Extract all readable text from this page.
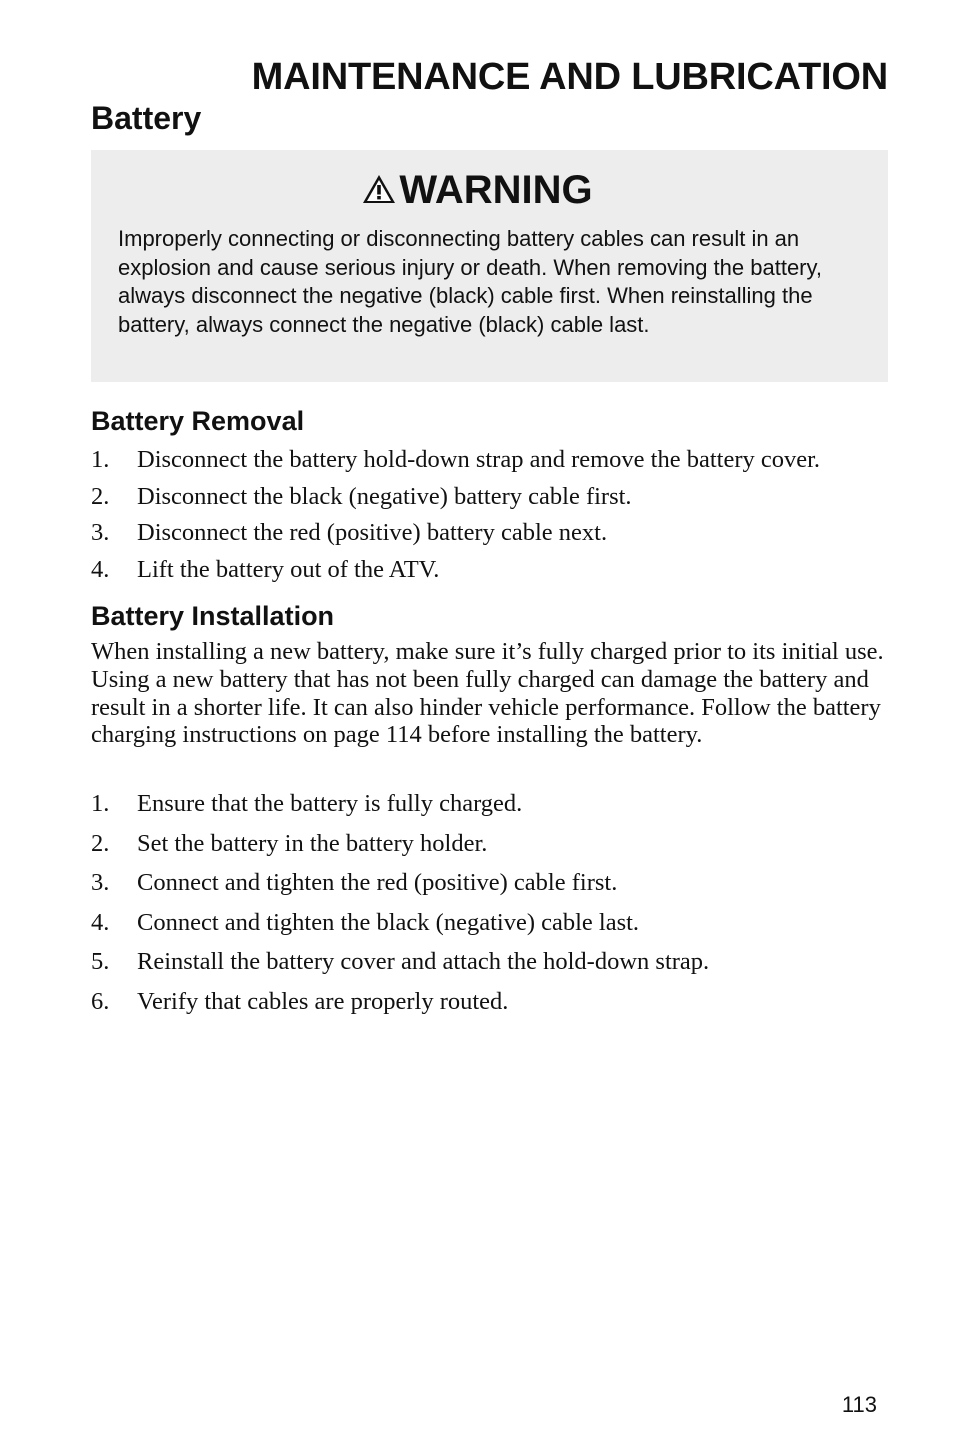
MAINTENANCE AND LUBRICATION
Battery
WARNING

Improperly connecting or disconnecting battery cables can result in an explosion and cause serious injury or death. When removing the battery, always disconnect the negative (black) cable first. When reinstalling the battery, always connect the negative (black) cable last.

Battery Removal
1. Disconnect the battery hold-down strap and remove the battery cover.
2. Disconnect the black (negative) battery cable first.
3. Disconnect the red (positive) battery cable next.
4. Lift the battery out of the ATV.
Battery Installation

When installing a new battery, make sure it’s fully charged prior to its initial use. Using a new battery that has not been fully charged can damage the battery and result in a shorter life. It can also hinder vehicle performance. Follow the battery charging instructions on page 114 before installing the battery.

1. Ensure that the battery is fully charged.
2. Set the battery in the battery holder.
3. Connect and tighten the red (positive) cable first.
4. Connect and tighten the black (negative) cable last.
5. Reinstall the battery cover and attach the hold-down strap.
6. Verify that cables are properly routed.

113
